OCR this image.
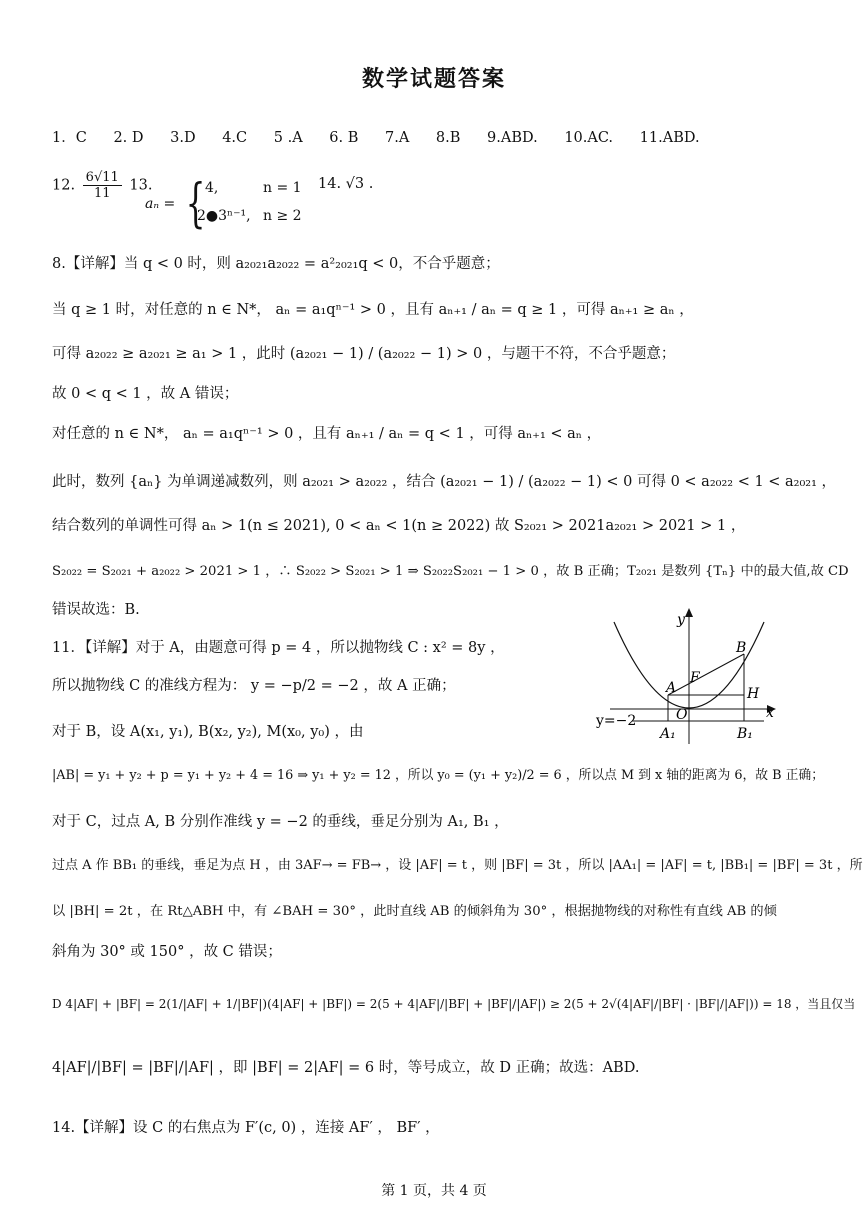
数学试题答案
1．C 2. D 3.D 4.C 5 .A 6. B 7.A 8.B 9.ABD. 10.AC. 11.ABD.
12. $\frac{6√11}{11} 13$.
aₙ = { 4,	n = 1
2●3ⁿ⁻¹, n ≥ 2
14. √3 .
8.【详解】当 q < 0 时，则 a₂₀₂₁a₂₀₂₂ = a²₂₀₂₁q < 0，不合乎题意；
当 q ≥ 1 时，对任意的 n ∈ N*， aₙ = a₁qⁿ⁻¹ > 0 ，且有 aₙ₊₁ / aₙ = q ≥ 1 ，可得 aₙ₊₁ ≥ aₙ ，
可得 a₂₀₂₂ ≥ a₂₀₂₁ ≥ a₁ > 1 ，此时 (a₂₀₂₁ − 1) / (a₂₀₂₂ − 1) > 0 ，与题干不符，不合乎题意；
故 0 < q < 1 ，故 A 错误；
对任意的 n ∈ N*， aₙ = a₁qⁿ⁻¹ > 0 ，且有 aₙ₊₁ / aₙ = q < 1 ，可得 aₙ₊₁ < aₙ ，
此时，数列 {aₙ} 为单调递减数列，则 a₂₀₂₁ > a₂₀₂₂ ，结合 (a₂₀₂₁ − 1) / (a₂₀₂₂ − 1) < 0 可得 0 < a₂₀₂₂ < 1 < a₂₀₂₁ ，
结合数列的单调性可得 aₙ > 1(n ≤ 2021), 0 < aₙ < 1(n ≥ 2022) 故 S₂₀₂₁ > 2021a₂₀₂₁ > 2021 > 1 ，
S₂₀₂₂ = S₂₀₂₁ + a₂₀₂₂ > 2021 > 1 ，∴ S₂₀₂₂ > S₂₀₂₁ > 1 ⇒ S₂₀₂₂S₂₀₂₁ − 1 > 0 ，故 B 正确；T₂₀₂₁ 是数列 {Tₙ} 中的最大值,故 CD
错误故选：B.
11．【详解】对于 A，由题意可得 p = 4 ，所以抛物线 C : x² = 8y ，
所以抛物线 C 的准线方程为： y = −p/2 = −2 ，故 A 正确；
对于 B，设 A(x₁, y₁), B(x₂, y₂), M(x₀, y₀) ，由
|AB| = y₁ + y₂ + p = y₁ + y₂ + 4 = 16 ⇒ y₁ + y₂ = 12 ，所以 y₀ = (y₁ + y₂)/2 = 6 ，所以点 M 到 x 轴的距离为 6，故 B 正确；
对于 C，过点 A, B 分别作准线 y = −2 的垂线，垂足分别为 A₁, B₁ ，
过点 A 作 BB₁ 的垂线，垂足为点 H ，由 3AF→ = FB→ ，设 |AF| = t ，则 |BF| = 3t ，所以 |AA₁| = |AF| = t, |BB₁| = |BF| = 3t ，所
以 |BH| = 2t ，在 Rt△ABH 中，有 ∠BAH = 30° ，此时直线 AB 的倾斜角为 30° ，根据抛物线的对称性有直线 AB 的倾
斜角为 30° 或 150° ，故 C 错误；
D 4|AF| + |BF| = 2(1/|AF| + 1/|BF|)(4|AF| + |BF|) = 2(5 + 4|AF|/|BF| + |BF|/|AF|) ≥ 2(5 + 2√(4|AF|/|BF| · |BF|/|AF|)) = 18 ，当且仅当
4|AF|/|BF| = |BF|/|AF| ，即 |BF| = 2|AF| = 6 时，等号成立，故 D 正确；故选：ABD.
14.【详解】设 C 的右焦点为 F′(c, 0) ，连接 AF′ ， BF′ ，
y
x
B
F
A	H
O
y=−2
A₁	B₁
第 1 页，共 4 页
